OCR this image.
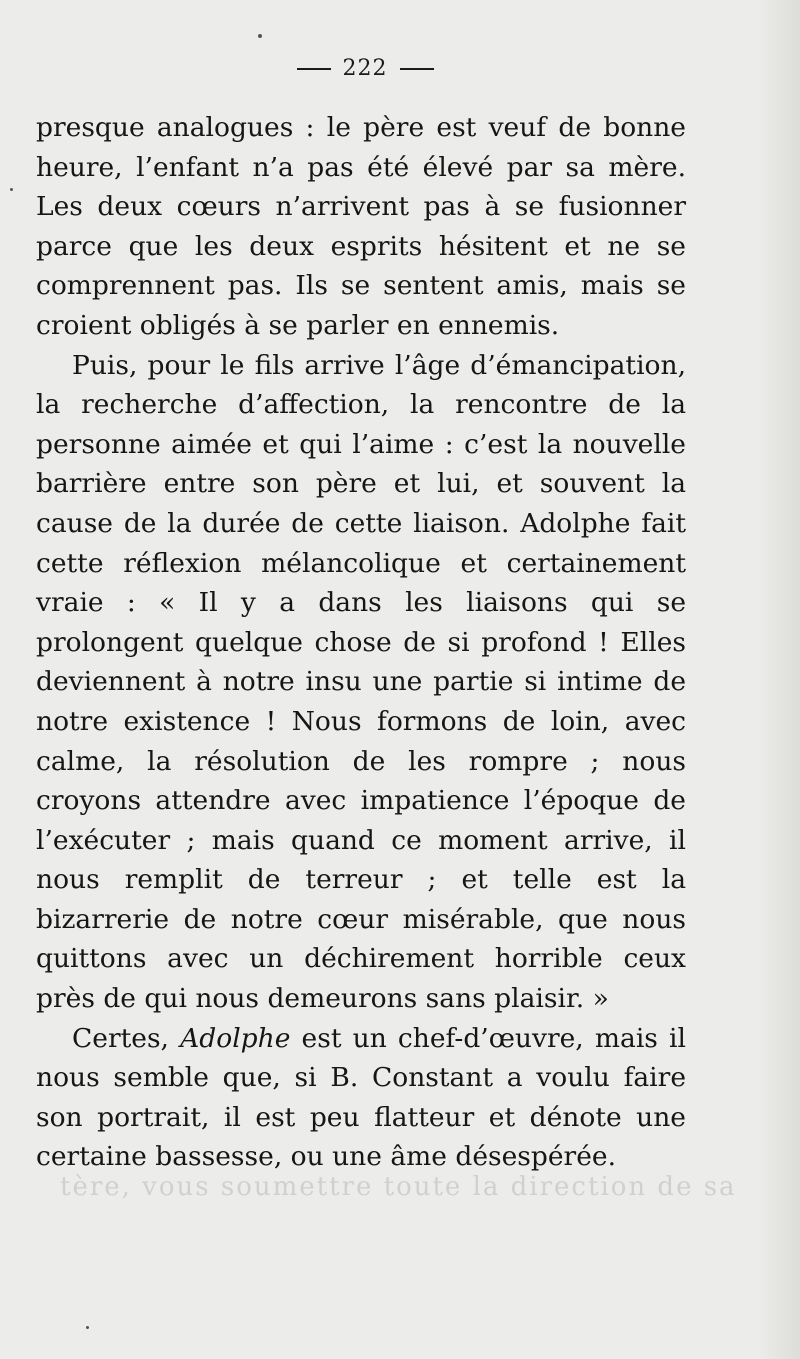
222

presque analogues : le père est veuf de bonne heure, l’enfant n’a pas été élevé par sa mère. Les deux cœurs n’arrivent pas à se fusionner parce que les deux esprits hésitent et ne se comprennent pas. Ils se sentent amis, mais se croient obligés à se parler en ennemis.

Puis, pour le fils arrive l’âge d’émancipation, la recherche d’affection, la rencontre de la personne aimée et qui l’aime : c’est la nouvelle barrière entre son père et lui, et souvent la cause de la durée de cette liaison. Adolphe fait cette réflexion mélancolique et certainement vraie : « Il y a dans les liaisons qui se prolongent quelque chose de si profond ! Elles deviennent à notre insu une partie si intime de notre existence ! Nous formons de loin, avec calme, la résolution de les rompre ; nous croyons attendre avec impatience l’époque de l’exécuter ; mais quand ce moment arrive, il nous remplit de terreur ; et telle est la bizarrerie de notre cœur misérable, que nous quittons avec un déchirement horrible ceux près de qui nous demeurons sans plaisir. »

Certes, Adolphe est un chef-d’œuvre, mais il nous semble que, si B. Constant a voulu faire son portrait, il est peu flatteur et dénote une certaine bassesse, ou une âme désespérée.

tère, vous soumettre toute la direction de sa
